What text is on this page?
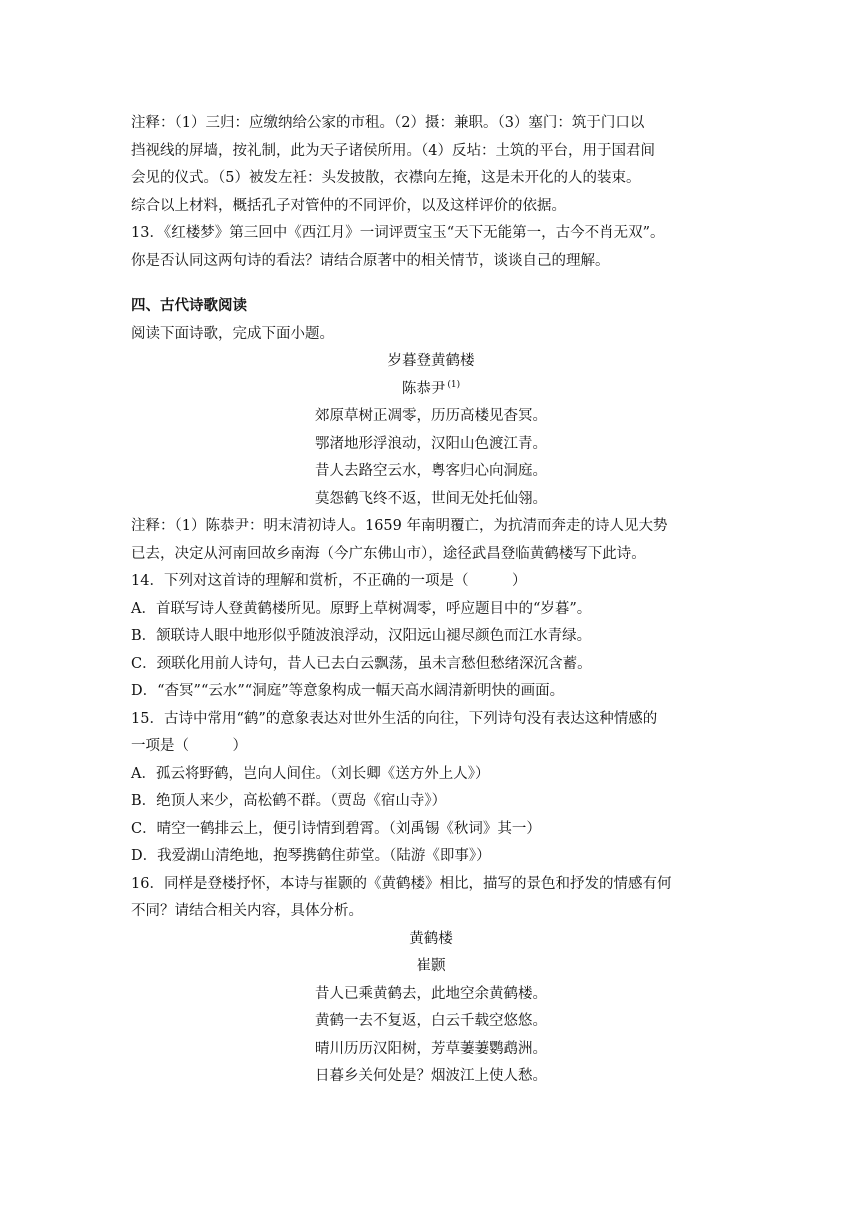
注释：（1）三归：应缴纳给公家的市租。（2）摄：兼职。（3）塞门：筑于门口以

挡视线的屏墙，按礼制，此为天子诸侯所用。（4）反坫：土筑的平台，用于国君间

会见的仪式。（5）被发左衽：头发披散，衣襟向左掩，这是未开化的人的装束。

综合以上材料，概括孔子对管仲的不同评价，以及这样评价的依据。

13．《红楼梦》第三回中《西江月》一词评贾宝玉“天下无能第一，古今不肖无双”。

你是否认同这两句诗的看法？请结合原著中的相关情节，谈谈自己的理解。

四、古代诗歌阅读

阅读下面诗歌，完成下面小题。

岁暮登黄鹤楼

陈恭尹 $^{(1)}$

郊原草树正凋零，历历高楼见杳冥。

鄂渚地形浮浪动，汉阳山色渡江青。

昔人去路空云水，粤客归心向洞庭。

莫怨鹤飞终不返，世间无处托仙翎。

注释：（1）陈恭尹：明末清初诗人。1659 年南明覆亡，为抗清而奔走的诗人见大势

已去，决定从河南回故乡南海（今广东佛山市），途径武昌登临黄鹤楼写下此诗。

14．下列对这首诗的理解和赏析，不正确的一项是（　　　）

A．首联写诗人登黄鹤楼所见。原野上草树凋零，呼应题目中的“岁暮”。

B．颔联诗人眼中地形似乎随波浪浮动，汉阳远山褪尽颜色而江水青绿。

C．颈联化用前人诗句，昔人已去白云飘荡，虽未言愁但愁绪深沉含蓄。

D．“杳冥”“云水”“洞庭”等意象构成一幅天高水阔清新明快的画面。

15．古诗中常用“鹤”的意象表达对世外生活的向往，下列诗句没有表达这种情感的

一项是（　　　）

A．孤云将野鹤，岂向人间住。（刘长卿《送方外上人》）

B．绝顶人来少，高松鹤不群。（贾岛《宿山寺》）

C．晴空一鹤排云上，便引诗情到碧霄。（刘禹锡《秋词》其一）

D．我爱湖山清绝地，抱琴携鹤住茆堂。（陆游《即事》）

16．同样是登楼抒怀，本诗与崔颢的《黄鹤楼》相比，描写的景色和抒发的情感有何

不同？请结合相关内容，具体分析。

黄鹤楼

崔颢

昔人已乘黄鹤去，此地空余黄鹤楼。

黄鹤一去不复返，白云千载空悠悠。

晴川历历汉阳树，芳草萋萋鹦鹉洲。

日暮乡关何处是？烟波江上使人愁。
